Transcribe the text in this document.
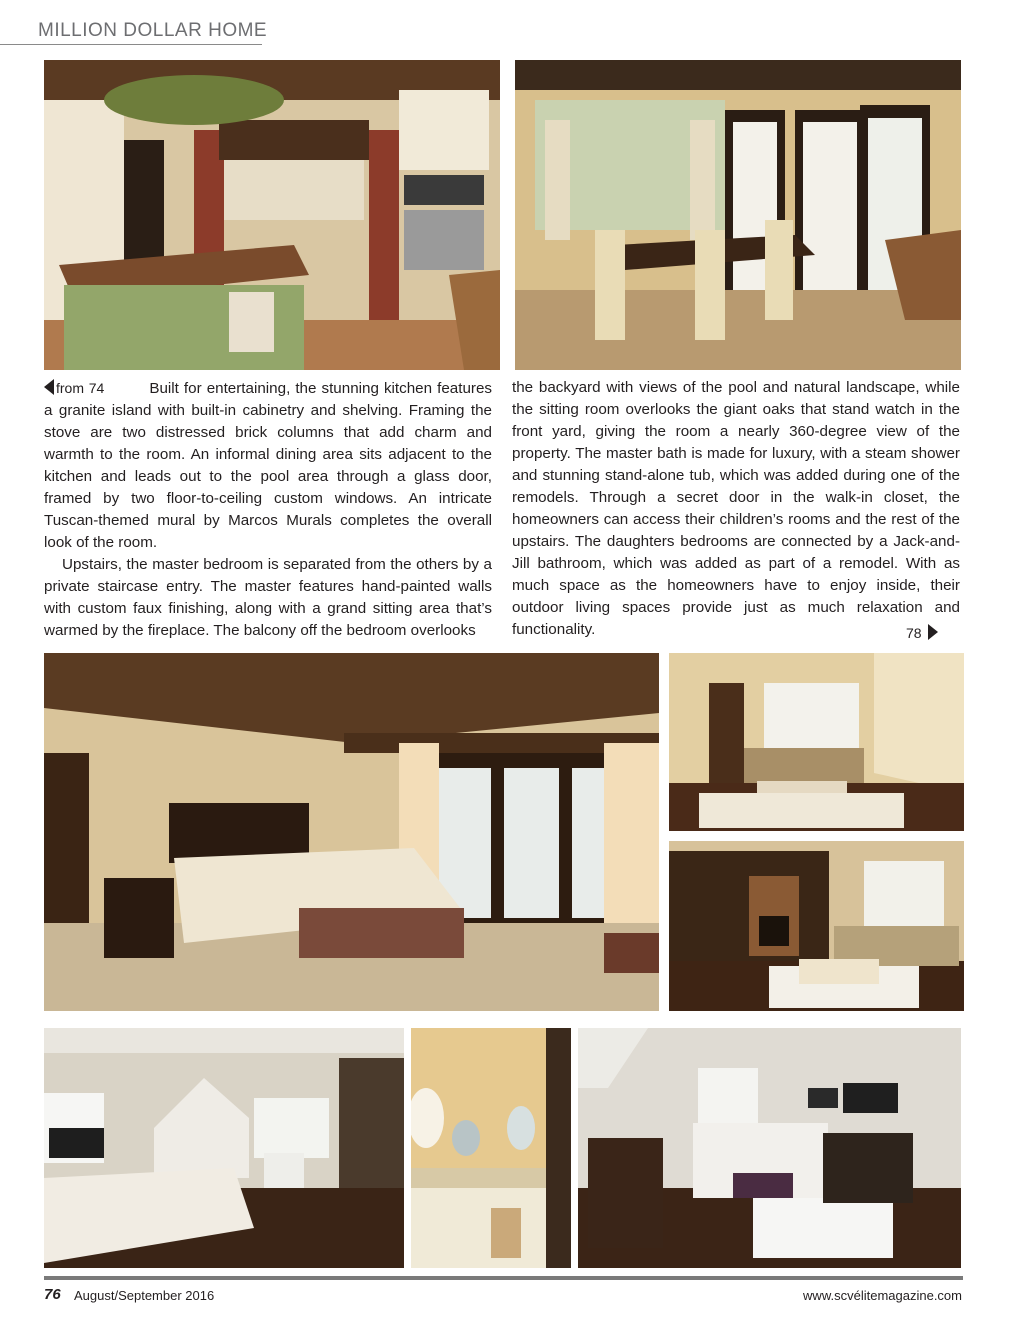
MILLION DOLLAR HOME

from 74	Built for entertaining, the stunning kitchen features a granite island with built-in cabinetry and shelving. Framing the stove are two distressed brick columns that add charm and warmth to the room. An informal dining area sits adjacent to the kitchen and leads out to the pool area through a glass door, framed by two floor-to-ceiling custom windows. An intricate Tuscan-themed mural by Marcos Murals completes the overall look of the room.

Upstairs, the master bedroom is separated from the others by a private staircase entry. The master features hand-painted walls with custom faux finishing, along with a grand sitting area that’s warmed by the fireplace. The balcony off the bedroom overlooks

the backyard with views of the pool and natural landscape, while the sitting room overlooks the giant oaks that stand watch in the front yard, giving the room a nearly 360-degree view of the property. The master bath is made for luxury, with a steam shower and stunning stand-alone tub, which was added during one of the remodels. Through a secret door in the walk-in closet, the homeowners can access their children’s rooms and the rest of the upstairs. The daughters bedrooms are connected by a Jack-and-Jill bathroom, which was added as part of a remodel. With as much space as the homeowners have to enjoy inside, their outdoor living spaces provide just as much relaxation and functionality.	78
76 August/September 2016	www.scvélitemagazine.com
